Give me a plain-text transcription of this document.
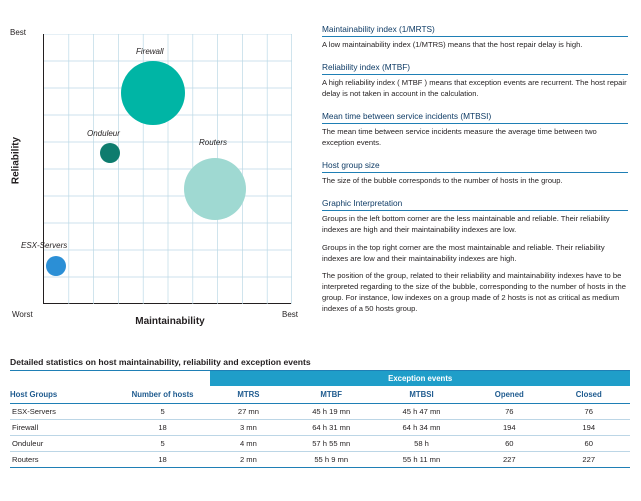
Best
Worst	Best
Reliability
Maintainability
Firewall
Onduleur
Routers
ESX-Servers
Maintainability index (1/MRTS)

A low maintainability index (1/MTRS) means that the host repair delay is high.

Reliability index (MTBF)

A high reliability index ( MTBF ) means that exception events are recurrent. The host repair delay is not taken in account in the calculation.

Mean time between service incidents (MTBSI)

The mean time between service incidents measure the average time between two exception events.

Host group size

The size of the bubble corresponds to the number of hosts in the group.

Graphic Interpretation

Groups in the left bottom corner are the less maintainable and reliable. Their reliability indexes are high and their maintainability indexes are low.

Groups in the top right corner are the most maintainable and reliable. Their reliability indexes are low and their maintainability indexes are high.

The position of the group, related to their reliability and maintainability indexes have to be interpreted regarding to the size of the bubble, corresponding to the number of hosts in the group. For instance, low indexes on a group made of 2 hosts is not as critical as medium indexes of a 50 hosts group.

Detailed statistics on host maintainability, reliability and exception events
		Exception events				
Host Groups	Number of hosts	MTRS	MTBF	MTBSI	Opened	Closed
ESX-Servers	5	27 mn	45 h 19 mn	45 h 47 mn	76	76
Firewall	18	3 mn	64 h 31 mn	64 h 34 mn	194	194
Onduleur	5	4 mn	57 h 55 mn	58 h	60	60
Routers	18	2 mn	55 h 9 mn	55 h 11 mn	227	227
